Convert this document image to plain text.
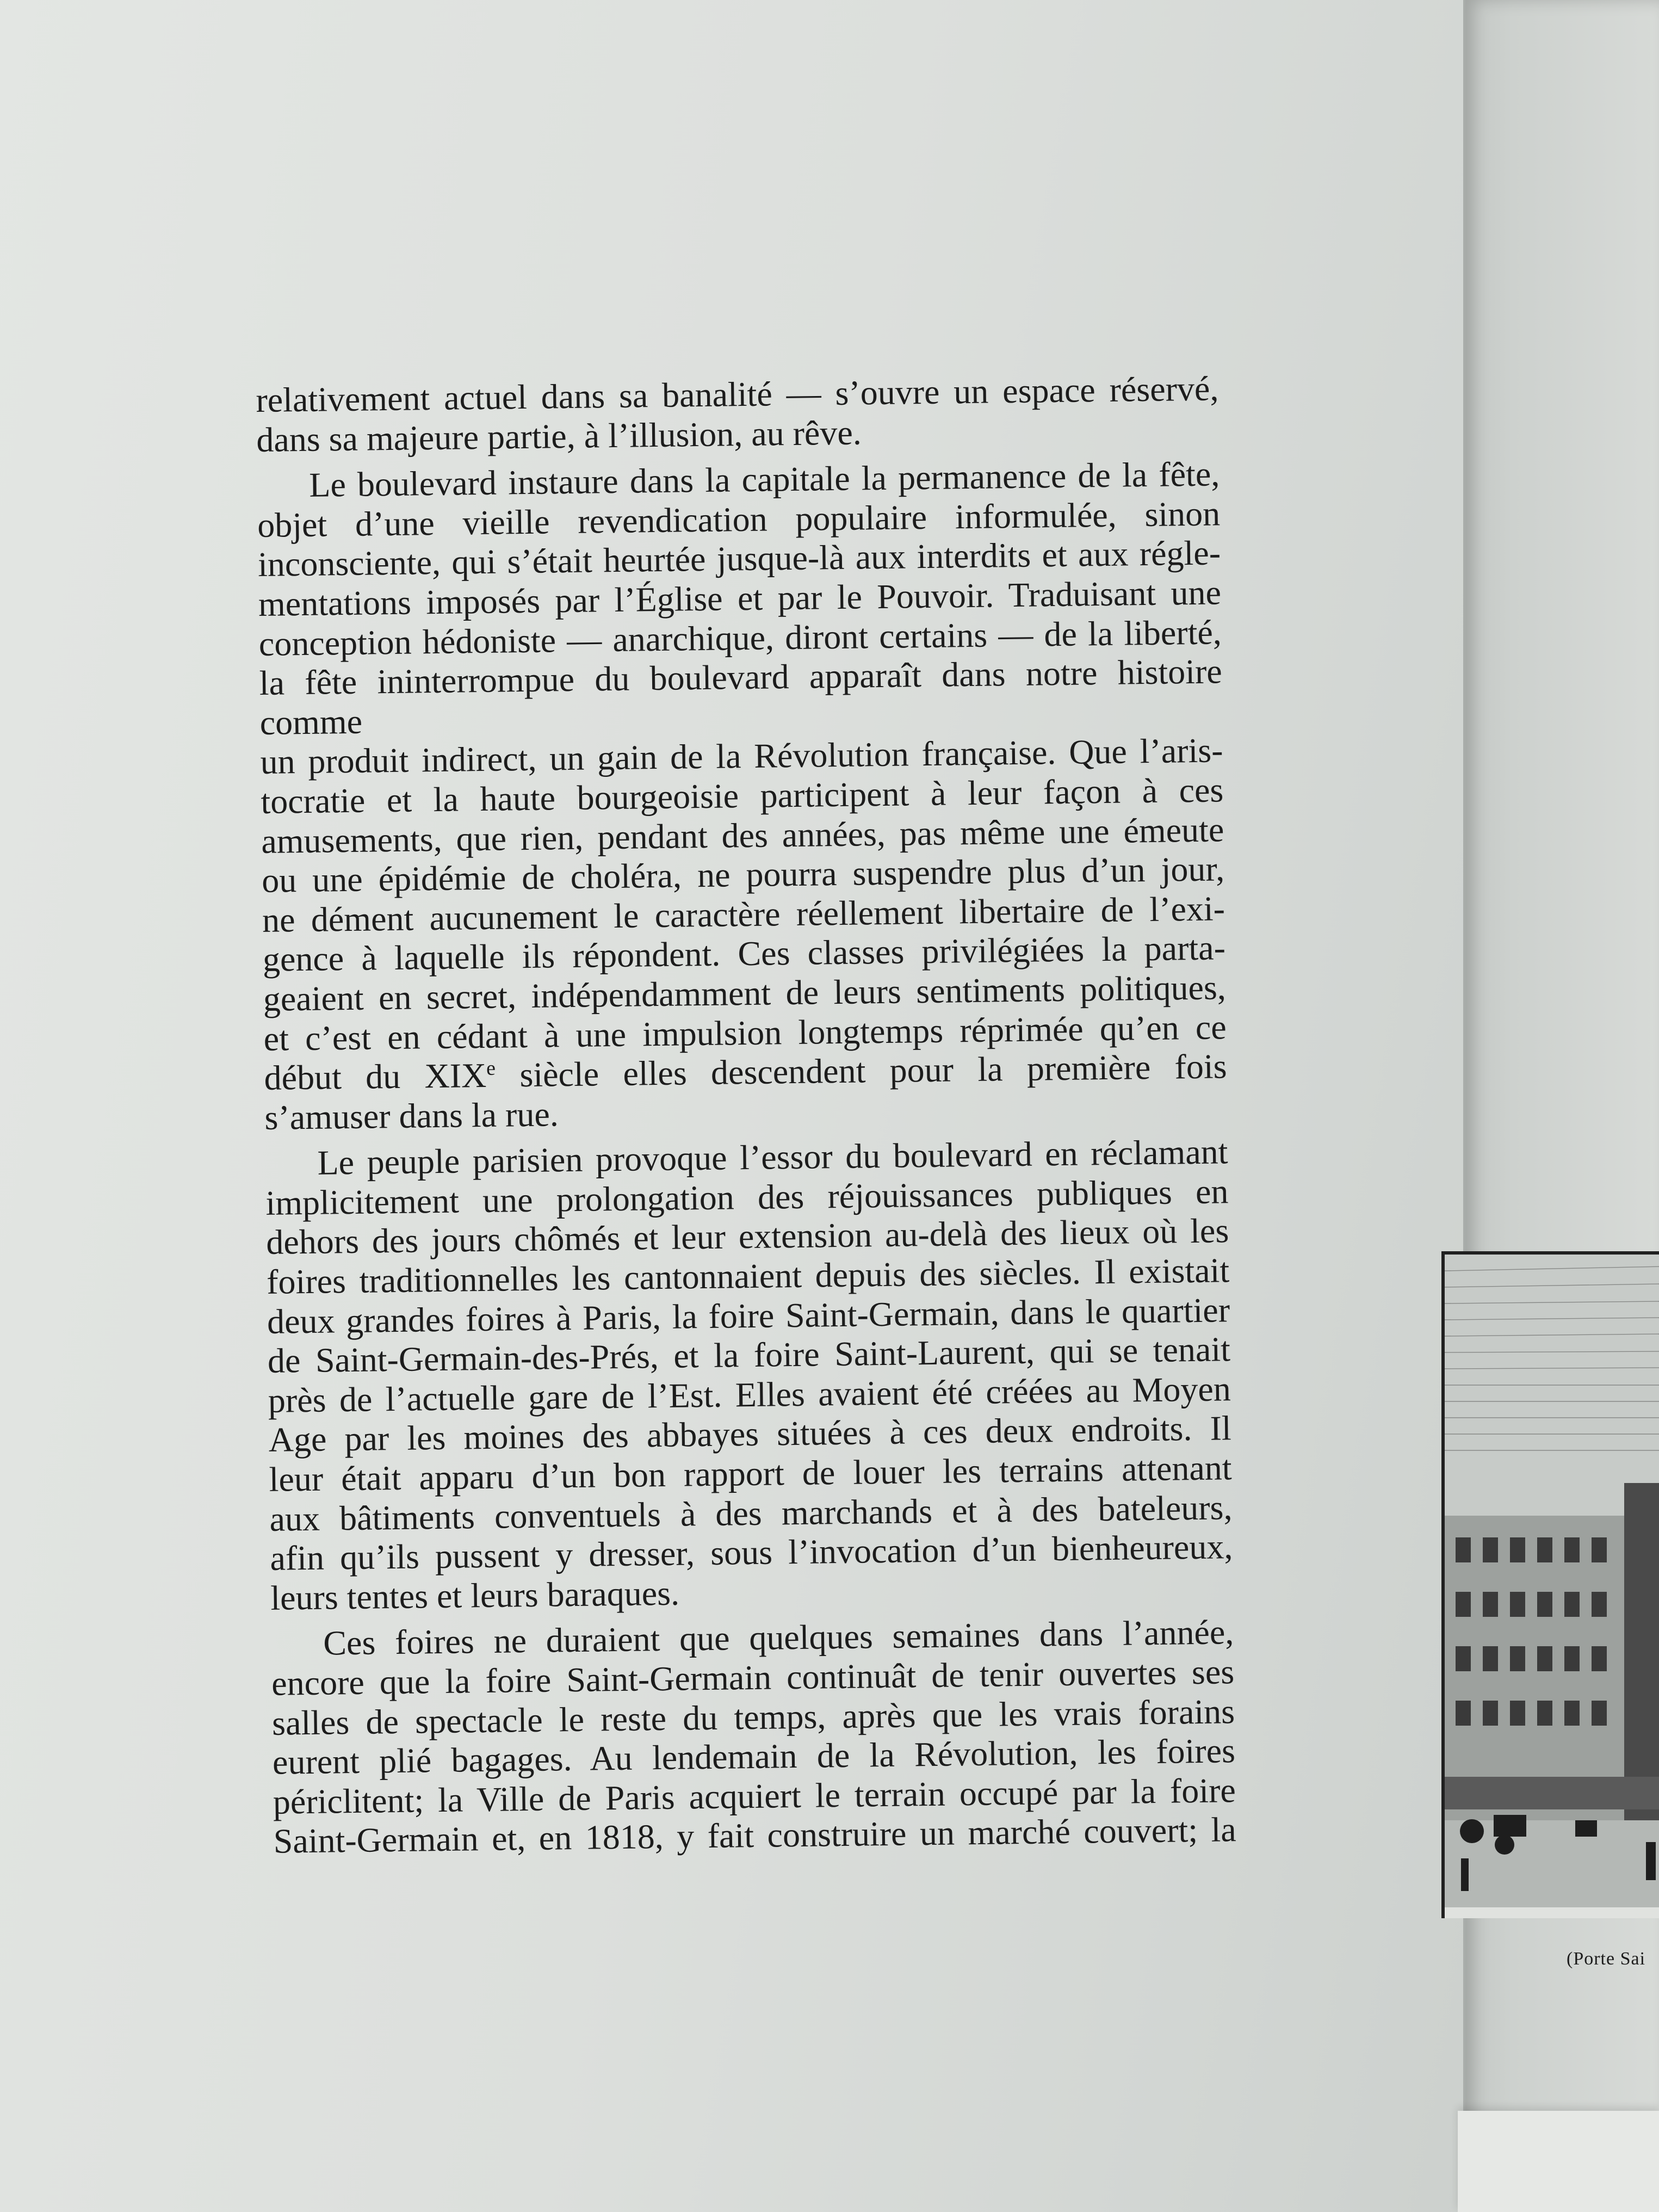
relativement actuel dans sa banalité — s’ouvre un espace réservé,

dans sa majeure partie, à l’illusion, au rêve.

Le boulevard instaure dans la capitale la permanence de la fête,

objet d’une vieille revendication populaire informulée, sinon

inconsciente, qui s’était heurtée jusque-là aux interdits et aux régle-

mentations imposés par l’Église et par le Pouvoir. Traduisant une

conception hédoniste — anarchique, diront certains — de la liberté,

la fête ininterrompue du boulevard apparaît dans notre histoire comme

un produit indirect, un gain de la Révolution française. Que l’aris-

tocratie et la haute bourgeoisie participent à leur façon à ces

amusements, que rien, pendant des années, pas même une émeute

ou une épidémie de choléra, ne pourra suspendre plus d’un jour,

ne dément aucunement le caractère réellement libertaire de l’exi-

gence à laquelle ils répondent. Ces classes privilégiées la parta-

geaient en secret, indépendamment de leurs sentiments politiques,

et c’est en cédant à une impulsion longtemps réprimée qu’en ce

début du XIXe siècle elles descendent pour la première fois

s’amuser dans la rue.

Le peuple parisien provoque l’essor du boulevard en réclamant

implicitement une prolongation des réjouissances publiques en

dehors des jours chômés et leur extension au-delà des lieux où les

foires traditionnelles les cantonnaient depuis des siècles. Il existait

deux grandes foires à Paris, la foire Saint-Germain, dans le quartier

de Saint-Germain-des-Prés, et la foire Saint-Laurent, qui se tenait

près de l’actuelle gare de l’Est. Elles avaient été créées au Moyen

Age par les moines des abbayes situées à ces deux endroits. Il

leur était apparu d’un bon rapport de louer les terrains attenant

aux bâtiments conventuels à des marchands et à des bateleurs,

afin qu’ils pussent y dresser, sous l’invocation d’un bienheureux,

leurs tentes et leurs baraques.

Ces foires ne duraient que quelques semaines dans l’année,

encore que la foire Saint-Germain continuât de tenir ouvertes ses

salles de spectacle le reste du temps, après que les vrais forains

eurent plié bagages. Au lendemain de la Révolution, les foires

périclitent; la Ville de Paris acquiert le terrain occupé par la foire

Saint-Germain et, en 1818, y fait construire un marché couvert; la

(Porte Sai
